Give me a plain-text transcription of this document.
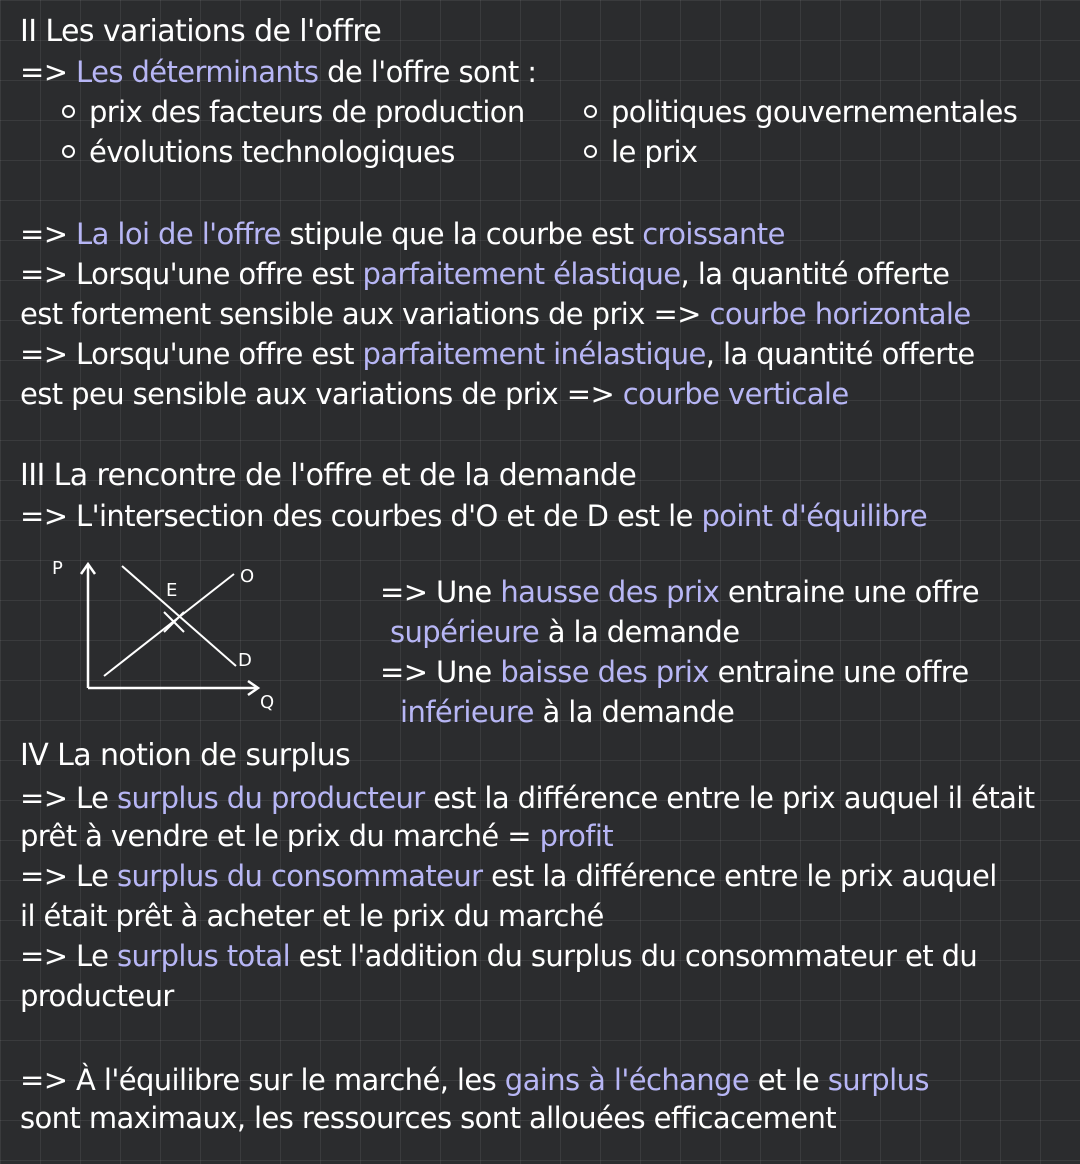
II Les variations de l'offre
=> Les déterminants de l'offre sont :
prix des facteurs de production
évolutions technologiques
politiques gouvernementales
le prix
=> La loi de l'offre stipule que la courbe est croissante
=> Lorsqu'une offre est parfaitement élastique, la quantité offerte
est fortement sensible aux variations de prix => courbe horizontale
=> Lorsqu'une offre est parfaitement inélastique, la quantité offerte
est peu sensible aux variations de prix => courbe verticale
III La rencontre de l'offre et de la demande
=> L'intersection des courbes d'O et de D est le point d'équilibre
P
Q
E
O
D
=> Une hausse des prix entraine une offre
supérieure à la demande
=> Une baisse des prix entraine une offre
inférieure à la demande
IV La notion de surplus
=> Le surplus du producteur est la différence entre le prix auquel il était
prêt à vendre et le prix du marché = profit
=> Le surplus du consommateur est la différence entre le prix auquel
il était prêt à acheter et le prix du marché
=> Le surplus total est l'addition du surplus du consommateur et du
producteur
=> À l'équilibre sur le marché, les gains à l'échange et le surplus
sont maximaux, les ressources sont allouées efficacement
